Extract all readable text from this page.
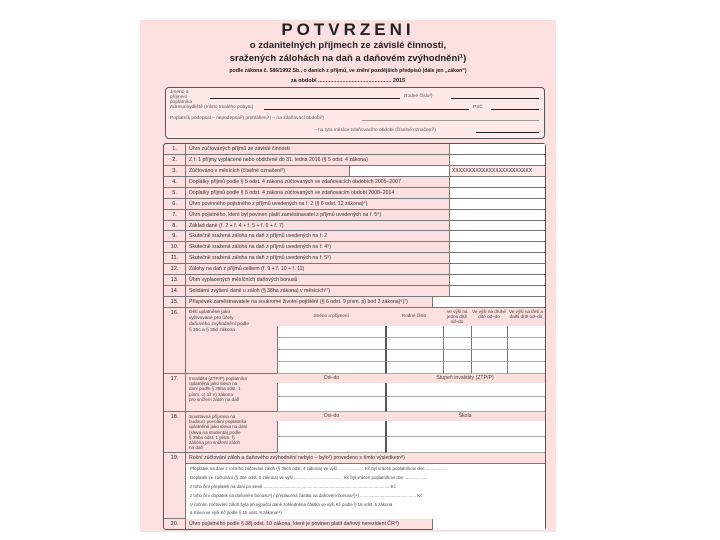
POTVRZENI
o zdanitelných příjmech ze závislé činnosti,
sražených zálohách na daň a daňovém zvýhodnění¹)
podle zákona č. 586/1992 Sb., o daních z příjmů, ve znění pozdějších předpisů (dále jen „zákon“)
za období ................................................ 2015
Jméno a příjmení poplatníka
Rodné číslo²)
Adresa bydliště (místo trvalého pobytu)	PSČ
Poplatník podepsal – nepodepsal²) prohlášení¹) – na zdaňovací období²)
– na tyto měsíce zdaňovacího období (číselné označení³)
1.	Úhrn zúčtovaných příjmů ze závislé činnosti
2.	Z ř. 1 příjmy vyplacené nebo obdržené do 31. ledna 2016 (§ 5 odst. 4 zákona)
3.	Zúčtováno v měsících (číselné označení³)	XXXXXXXXXXXXXXXXXXXXXXXX
4.	Doplatky příjmů podle § 5 odst. 4 zákona zúčtovaných ve zdaňovacích obdobích 2005–2007
5.	Doplatky příjmů podle § 5 odst. 4 zákona zúčtovaných ve zdaňovacím období 2008–2014
6.	Úhrn povinného pojistného z příjmů uvedených na ř. 2 (§ 6 odst. 12 zákona)⁴)
7.	Úhrn pojistného, které byl povinen platit zaměstnavatel z příjmů uvedených na ř. 5⁴)
8.	Základ daně (ř. 2 + ř. 4 + ř. 5 + ř. 6 + ř. 7)
9.	Skutečně sražená záloha na daň z příjmů uvedených na ř. 2
10.	Skutečně sražená záloha na daň z příjmů uvedených na ř. 4⁵)
11.	Skutečně sražená záloha na daň z příjmů uvedených na ř. 5⁵)
12.	Zálohy na daň z příjmů celkem (ř. 9 + ř. 10 + ř. 11)
13.	Úhrn vyplacených měsíčních daňových bonusů
14.	Solidární zvýšení daně u záloh (§ 38ha zákona) v měsících¹⁷)
15.	Příspěvek zaměstnavatele na soukromé životní pojištění (§ 6 odst. 9 písm. p) bod 3 zákona)⁶)⁷)
16.	Děti uplatněné jako
vyživované pro účely
daňového zvýhodnění podle
§ 35c a § 35d zákona
Jméno a příjmení	Rodné číslo
Ve výši na jedno dítě od–do
Ve výši na druhé dítě od–do
Ve výši na třetí a další dítě od–do
17.	Invalidita (ZTP/P) poplatníka
uplatněná jako sleva na
dani podle § 35ba odst. 1
písm. c) až e) zákona
pro snížení záloh na daň
Od–do	Stupeň invalidity (ZTP/P)
18.	Soustavná příprava na
budoucí povolání poplatníka
uplatněná jako sleva na dani
(sleva na studenta) podle
§ 35ba odst. 1 písm. f)
zákona pro snížení záloh
na daň
Od–do	Škola
19.	Roční zúčtování záloh a daňového zvýhodnění nebylo – bylo²) provedeno s tímto výsledkem⁸)
Přeplatek na dani z ročního zúčtování záloh (§ 38ch odst. 4 zákona) ve výši ..................... Kč byl vrácen poplatníkovi dne ..................
Doplatek ze zúčtování (§ 38ё odst. 5 zákona) ve výši ........................................ Kč byl vrácen poplatníkovi dne ..................
z toho činí přeplatek na dani po slevě ....................................................................................................... Kč
z toho činí doplatek na daňovém bonusu⁹) / přeplacená částka na daňovém bonusu²)⁹) .............................................. Kč
V ročním zúčtování záloh byla při výpočtu daně zohledněna částka ve výši Kč podle § 16 odst. 5 zákona
a Sleva ve výši Kč podle § 15 odst. 8 zákona¹⁶)
20.	Úhrn pojistného podle § 38j odst. 10 zákona, které je povinen platit daňový nerezident ČR⁴)
